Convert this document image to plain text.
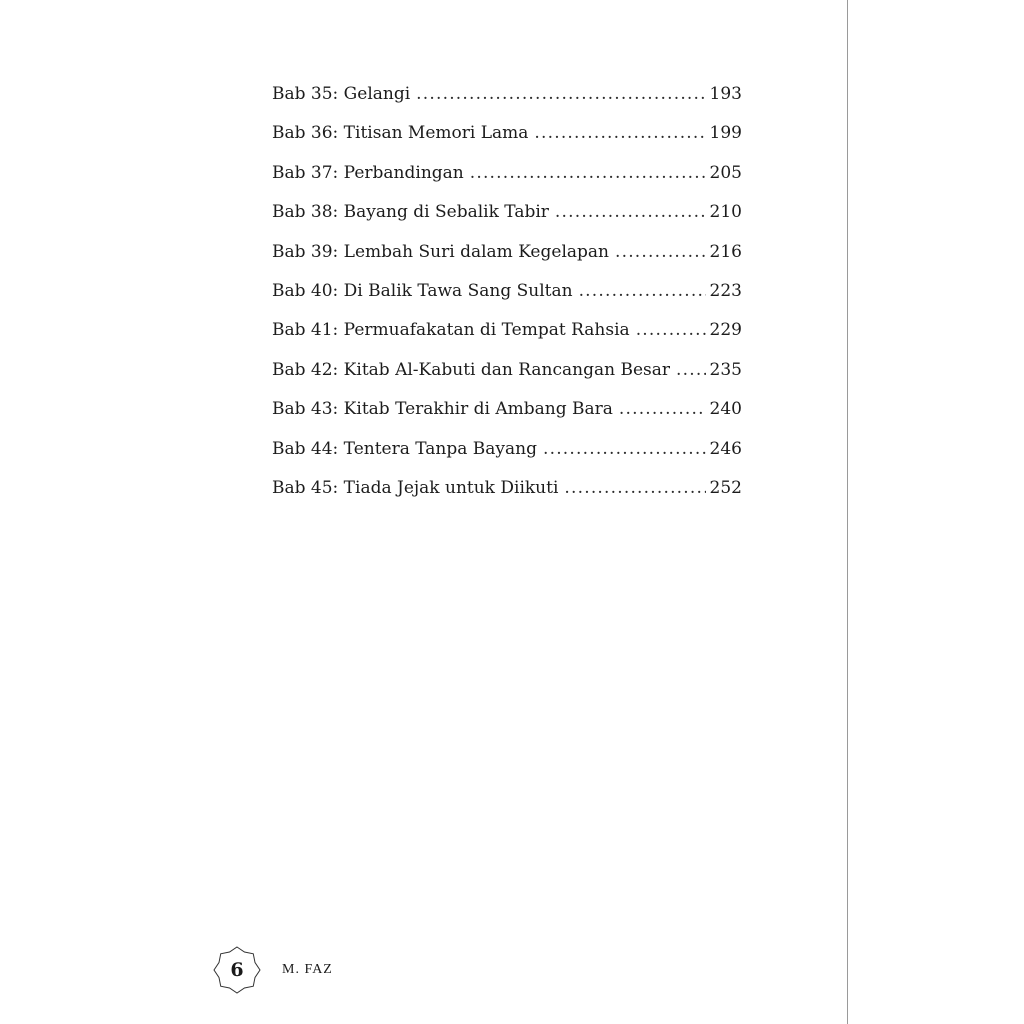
Bab 35: Gelangi .....	193
Bab 36: Titisan Memori Lama .....	199
Bab 37: Perbandingan .....	205
Bab 38: Bayang di Sebalik Tabir .....	210
Bab 39: Lembah Suri dalam Kegelapan .....	216
Bab 40: Di Balik Tawa Sang Sultan .....	223
Bab 41: Permuafakatan di Tempat Rahsia .....	229
Bab 42: Kitab Al-Kabuti dan Rancangan Besar .....	235
Bab 43: Kitab Terakhir di Ambang Bara .....	240
Bab 44: Tentera Tanpa Bayang .....	246
Bab 45: Tiada Jejak untuk Diikuti .....	252
6	M. FAZ
